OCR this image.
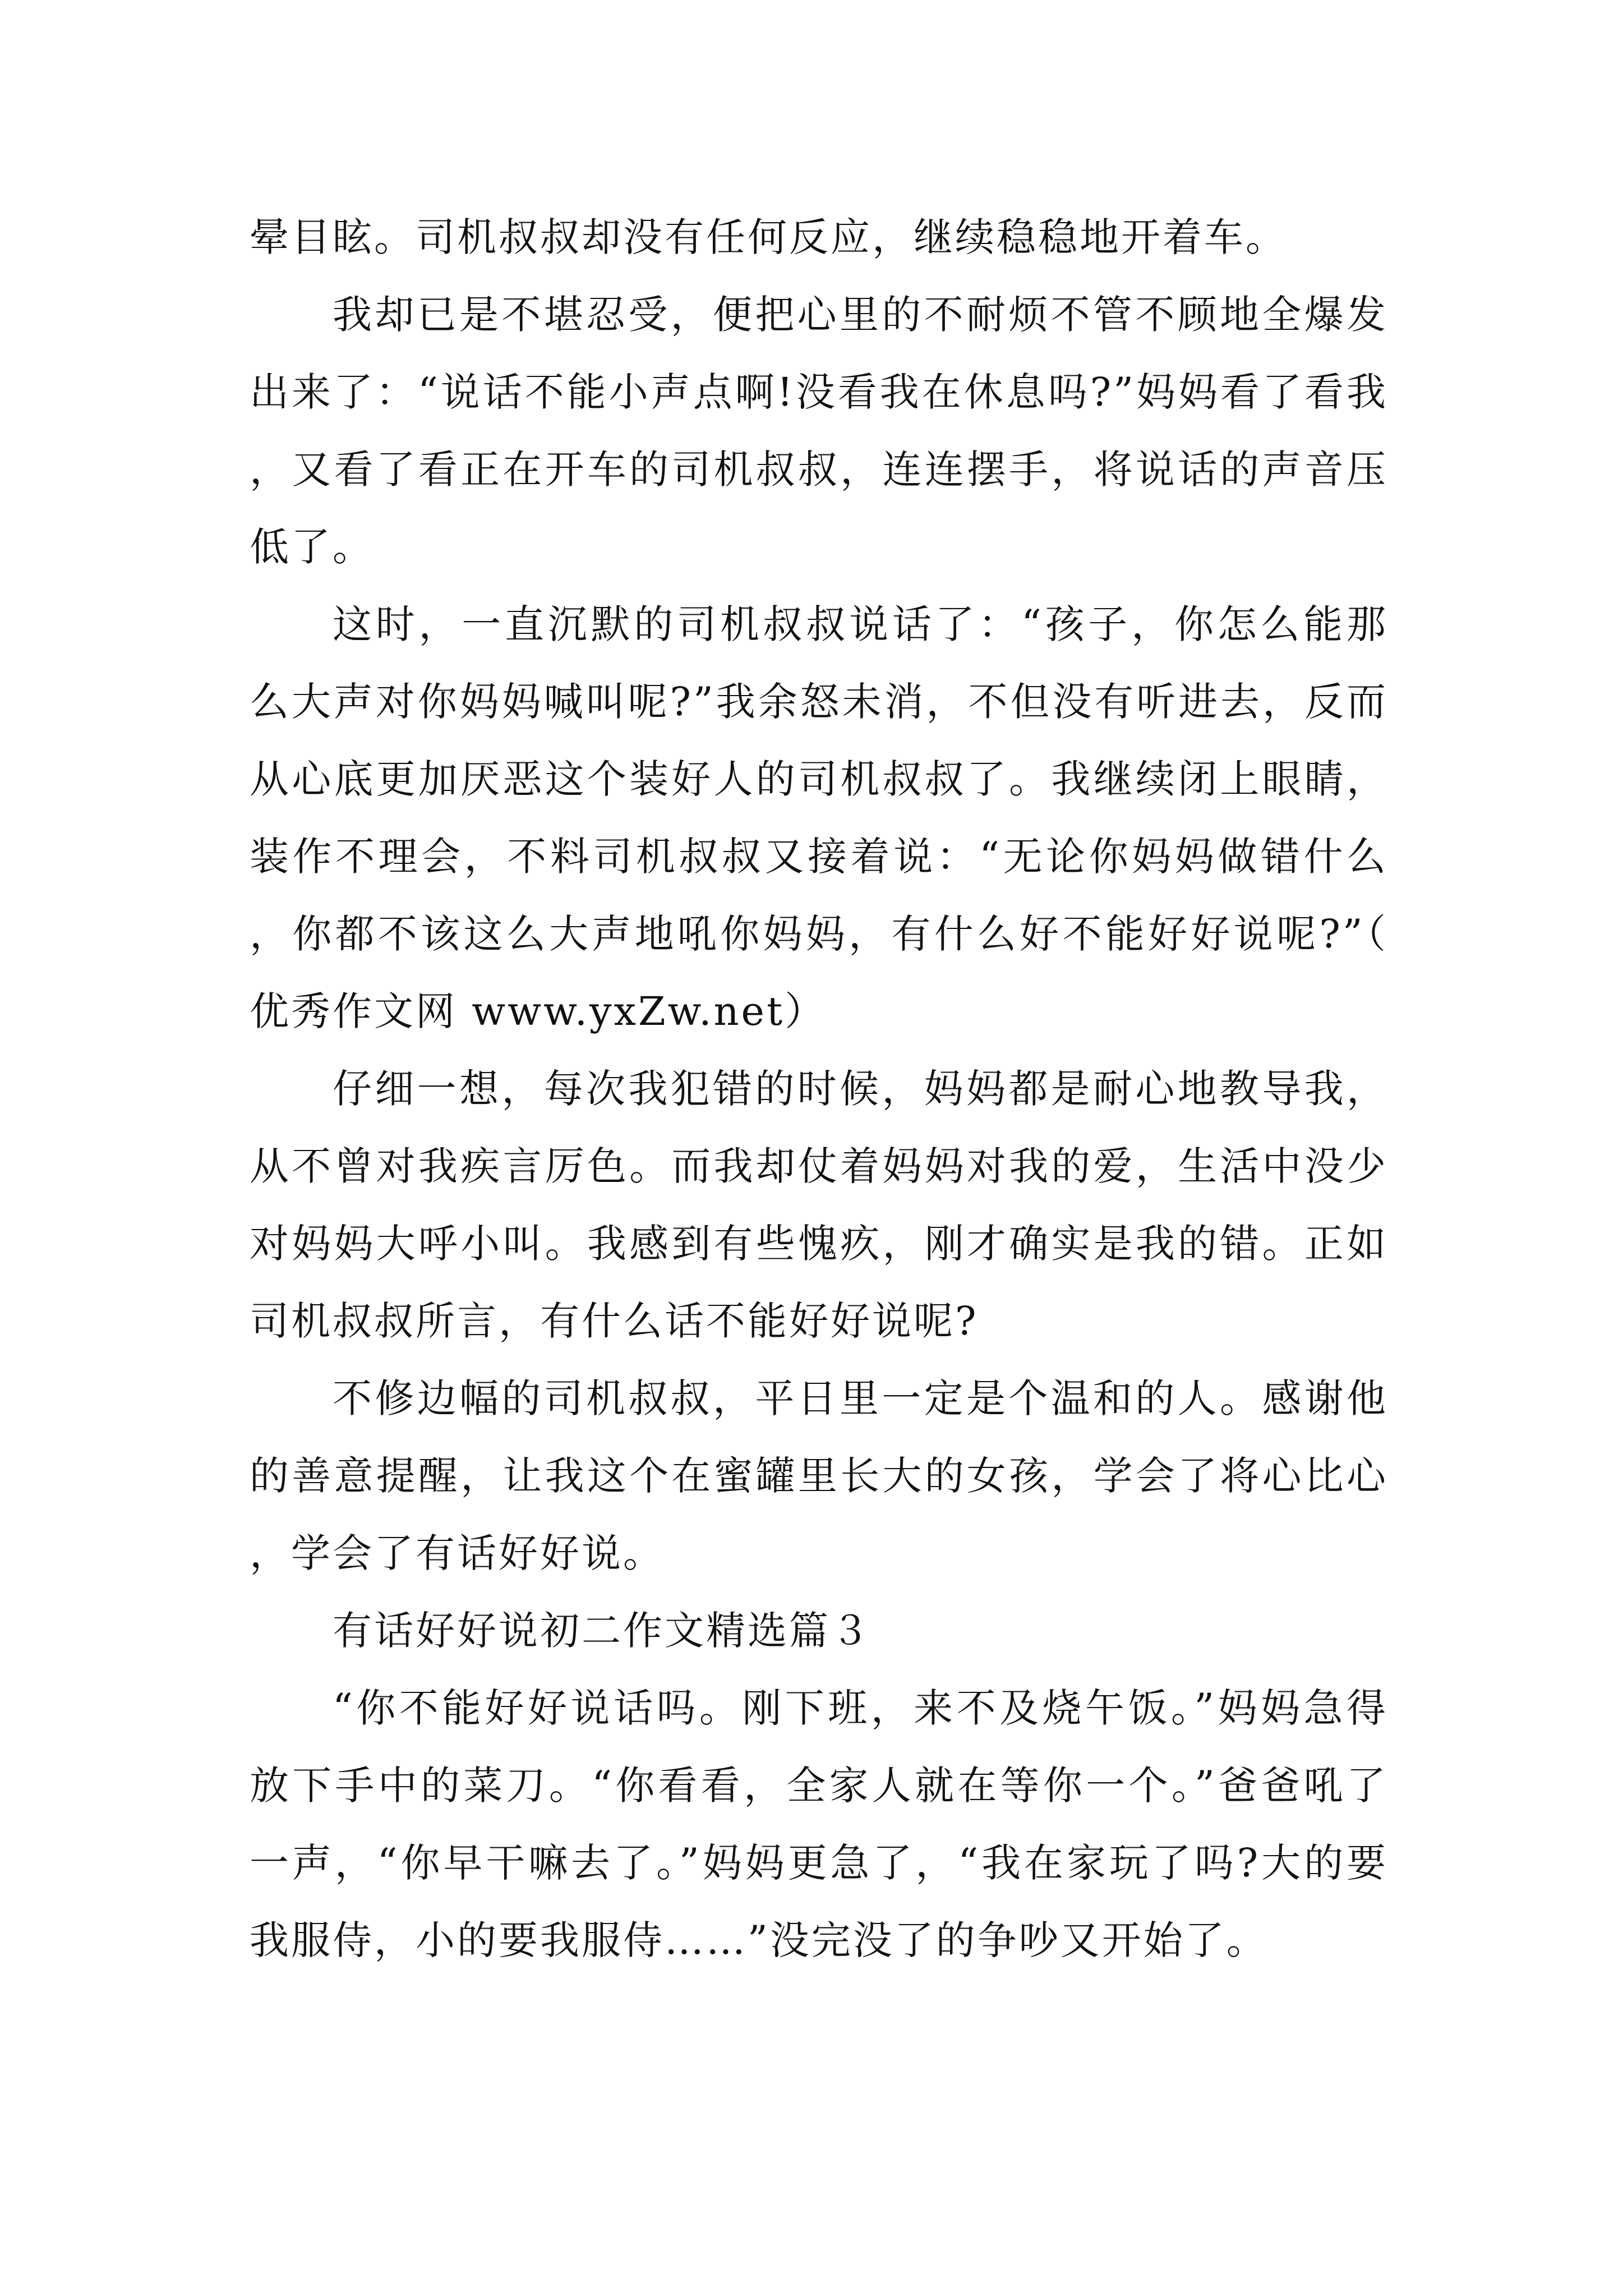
晕目眩。司机叔叔却没有任何反应，继续稳稳地开着车。

我却已是不堪忍受，便把心里的不耐烦不管不顾地全爆发出来了：“说话不能小声点啊!没看我在休息吗?”妈妈看了看我，又看了看正在开车的司机叔叔，连连摆手，将说话的声音压低了。

这时，一直沉默的司机叔叔说话了：“孩子，你怎么能那么大声对你妈妈喊叫呢?”我余怒未消，不但没有听进去，反而从心底更加厌恶这个装好人的司机叔叔了。我继续闭上眼睛，装作不理会，不料司机叔叔又接着说：“无论你妈妈做错什么，你都不该这么大声地吼你妈妈，有什么好不能好好说呢?”（优秀作文网 www.yxZw.net）

仔细一想，每次我犯错的时候，妈妈都是耐心地教导我，从不曾对我疾言厉色。而我却仗着妈妈对我的爱，生活中没少对妈妈大呼小叫。我感到有些愧疚，刚才确实是我的错。正如司机叔叔所言，有什么话不能好好说呢?

不修边幅的司机叔叔，平日里一定是个温和的人。感谢他的善意提醒，让我这个在蜜罐里长大的女孩，学会了将心比心，学会了有话好好说。

有话好好说初二作文精选篇３

“你不能好好说话吗。刚下班，来不及烧午饭。”妈妈急得放下手中的菜刀。“你看看，全家人就在等你一个。”爸爸吼了一声，“你早干嘛去了。”妈妈更急了，“我在家玩了吗?大的要我服侍，小的要我服侍……”没完没了的争吵又开始了。
